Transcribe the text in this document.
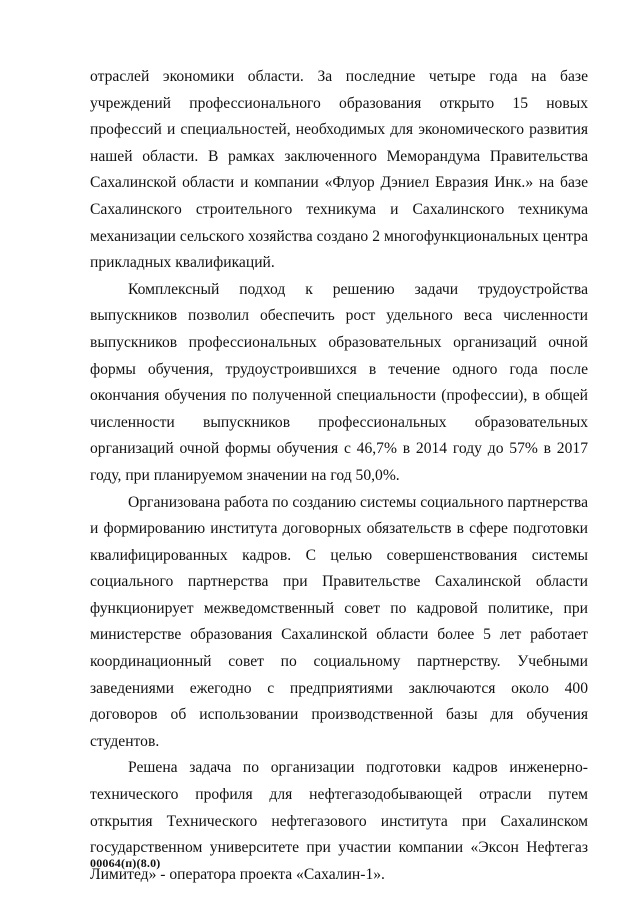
отраслей экономики области. За последние четыре года на базе учреждений профессионального образования открыто 15 новых профессий и специальностей, необходимых для экономического развития нашей области. В рамках заключенного Меморандума Правительства Сахалинской области и компании «Флуор Дэниел Евразия Инк.» на базе Сахалинского строительного техникума и Сахалинского техникума механизации сельского хозяйства создано 2 многофункциональных центра прикладных квалификаций.

Комплексный подход к решению задачи трудоустройства выпускников позволил обеспечить рост удельного веса численности выпускников профессиональных образовательных организаций очной формы обучения, трудоустроившихся в течение одного года после окончания обучения по полученной специальности (профессии), в общей численности выпускников профессиональных образовательных организаций очной формы обучения с 46,7% в 2014 году до 57% в 2017 году, при планируемом значении на год 50,0%.

Организована работа по созданию системы социального партнерства и формированию института договорных обязательств в сфере подготовки квалифицированных кадров. С целью совершенствования системы социального партнерства при Правительстве Сахалинской области функционирует межведомственный совет по кадровой политике, при министерстве образования Сахалинской области более 5 лет работает координационный совет по социальному партнерству. Учебными заведениями ежегодно с предприятиями заключаются около 400 договоров об использовании производственной базы для обучения студентов.

Решена задача по организации подготовки кадров инженерно-технического профиля для нефтегазодобывающей отрасли путем открытия Технического нефтегазового института при Сахалинском государственном университете при участии компании «Эксон Нефтегаз Лимитед» - оператора проекта «Сахалин-1».

00064(п)(8.0)
